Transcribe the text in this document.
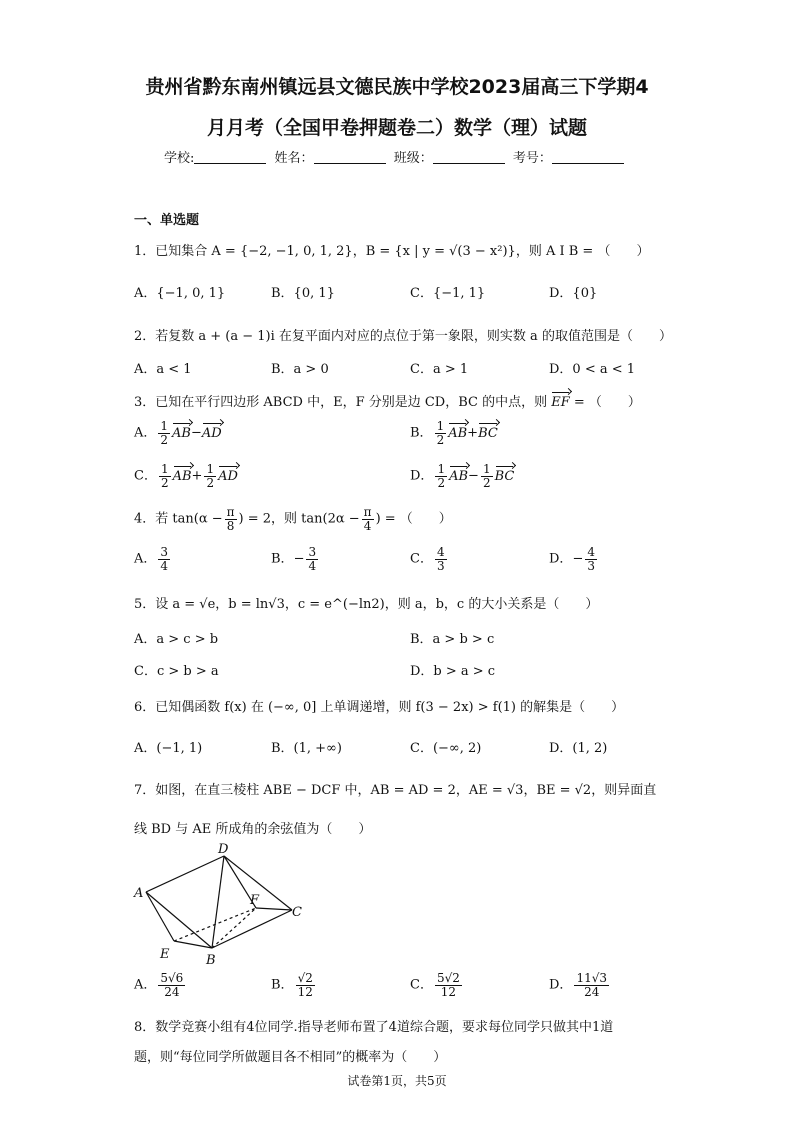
贵州省黔东南州镇远县文德民族中学校2023届高三下学期4
月月考（全国甲卷押题卷二）数学（理）试题
学校:	姓名：	班级：	考号：
一、单选题
1．已知集合 A = {−2, −1, 0, 1, 2}，B = {x | y = √(3 − x²)}，则 A I B = （　　）
A．{−1, 0, 1}	B．{0, 1}	C．{−1, 1}	D．{0}
2．若复数 a + (a − 1)i 在复平面内对应的点位于第一象限，则实数 a 的取值范围是（　　）
A．a < 1	B．a > 0	C．a > 1	D．0 < a < 1
3．已知在平行四边形 ABCD 中，E，F 分别是边 CD，BC 的中点，则 EF = （　　）
A． $\frac{1}{2} AB-AD$	B． $\frac{1}{2} AB+BC$
C． $\frac{1}{2} AB+ \frac{1}{2}$ AD	D． $\frac{1}{2} AB- \frac{1}{2}$ BC
4．若 $\tan(\alpha - \frac{\pi}{8}$ ) = 2，则 $\tan(2\alpha - \frac{\pi}{4}$ ) = （　　）
A． $\frac{3}{4}$	B．− $\frac{3}{4}$	C． $\frac{4}{3}$	D．− $\frac{4}{3}$
5．设 a = √e，b = ln√3，c = e^(−ln2)，则 a，b，c 的大小关系是（　　）
A．a > c > b	B．a > b > c
C．c > b > a	D．b > a > c
6．已知偶函数 f(x) 在 (−∞, 0] 上单调递增，则 f(3 − 2x) > f(1) 的解集是（　　）
A．(−1, 1)	B．(1, +∞)	C．(−∞, 2)	D．(1, 2)
7．如图，在直三棱柱 ABE − DCF 中，AB = AD = 2，AE = √3，BE = √2，则异面直
线 BD 与 AE 所成角的余弦值为（　　）
A
B
C
D
E
F
A． $\frac{5√6}{24}$	B． $\frac{√2}{12}$	C． $\frac{5√2}{12}$	D． $\frac{11√3}{24}$
8．数学竞赛小组有4位同学.指导老师布置了4道综合题，要求每位同学只做其中1道
题，则“每位同学所做题目各不相同”的概率为（　　）
试卷第1页，共5页
